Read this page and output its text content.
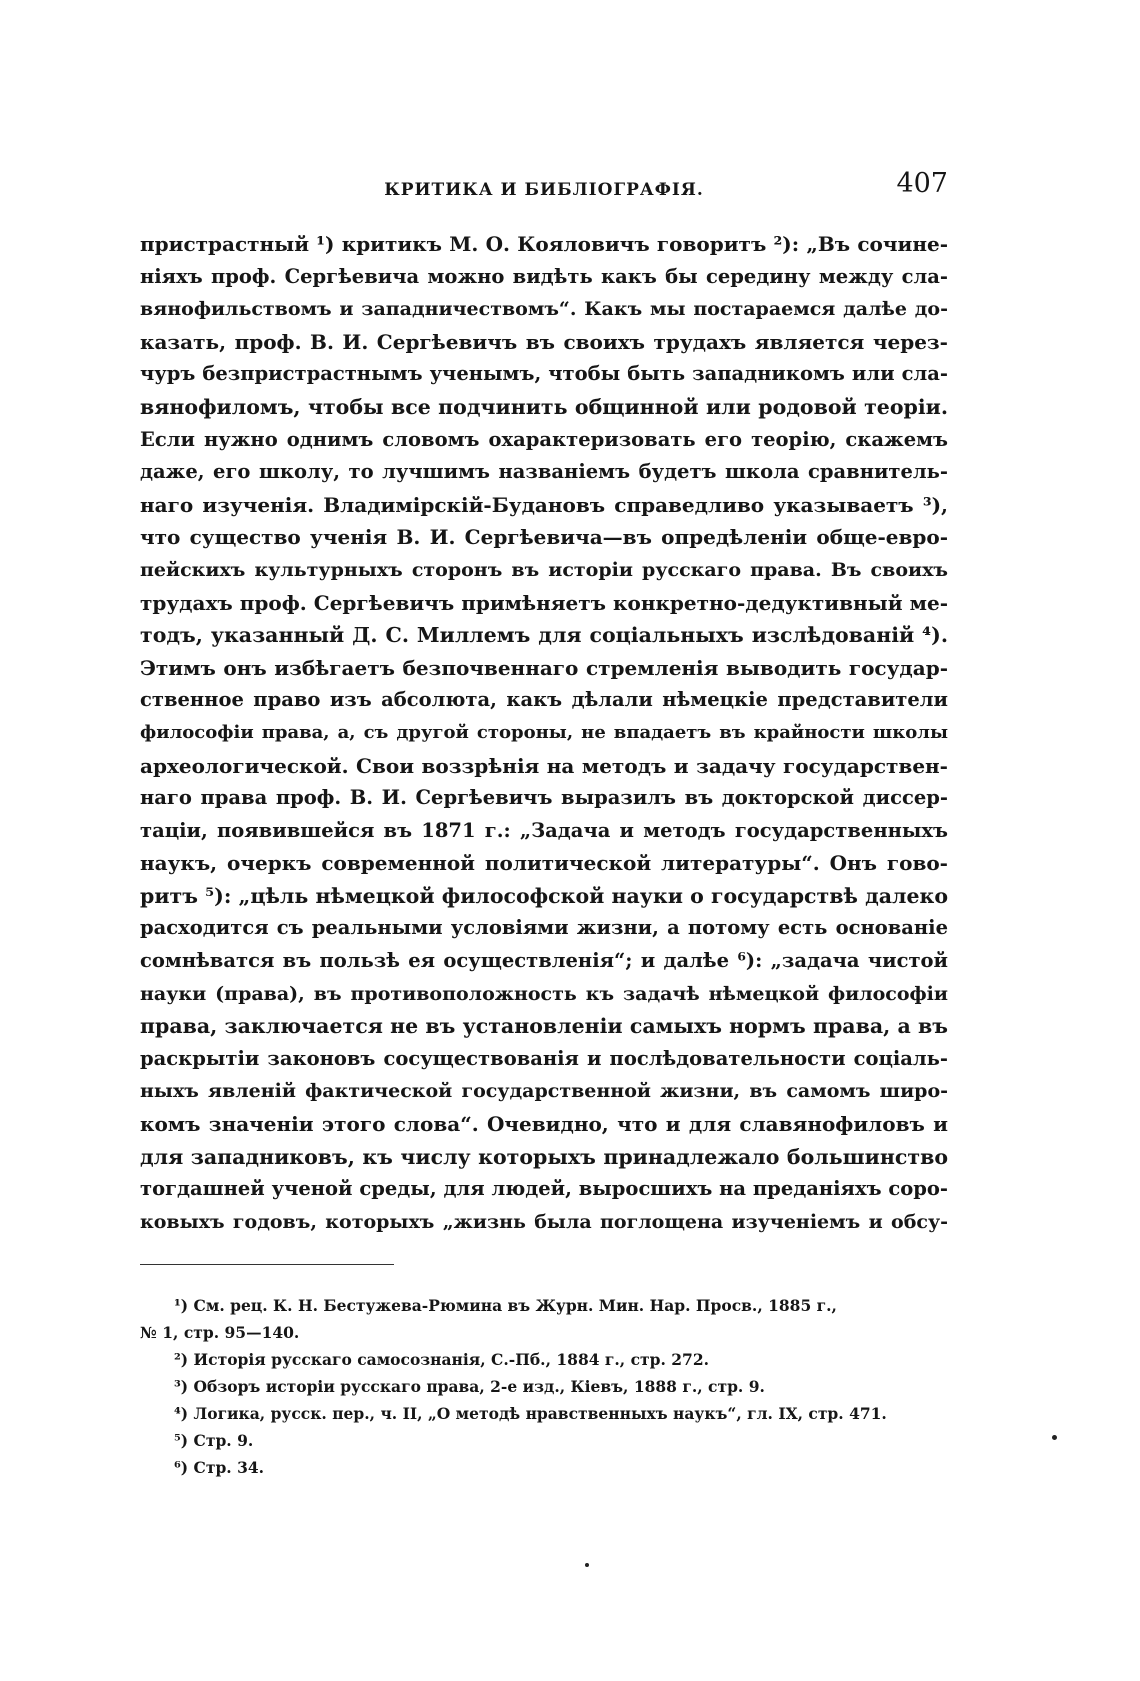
КРИТИКА И БИБЛІОГРАФІЯ.	407
пристрастный ¹) критикъ М. О. Кояловичъ говоритъ ²): „Въ сочине-
ніяхъ проф. Сергѣевича можно видѣть какъ бы середину между сла-
вянофильствомъ и западничествомъ“. Какъ мы постараемся далѣе до-
казать, проф. В. И. Сергѣевичъ въ своихъ трудахъ является через-
чуръ безпристрастнымъ ученымъ, чтобы быть западникомъ или сла-
вянофиломъ, чтобы все подчинить общинной или родовой теоріи.
Если нужно однимъ словомъ охарактеризовать его теорію, скажемъ
даже, его школу, то лучшимъ названіемъ будетъ школа сравнитель-
наго изученія. Владимірскій-Будановъ справедливо указываетъ ³),
что существо ученія В. И. Сергѣевича—въ опредѣленіи обще-евро-
пейскихъ культурныхъ сторонъ въ исторіи русскаго права. Въ своихъ
трудахъ проф. Сергѣевичъ примѣняетъ конкретно-дедуктивный ме-
тодъ, указанный Д. С. Миллемъ для соціальныхъ изслѣдованій ⁴).
Этимъ онъ избѣгаетъ безпочвеннаго стремленія выводить государ-
ственное право изъ абсолюта, какъ дѣлали нѣмецкіе представители
философіи права, а, съ другой стороны, не впадаетъ въ крайности школы
археологической. Свои воззрѣнія на методъ и задачу государствен-
наго права проф. В. И. Сергѣевичъ выразилъ въ докторской диссер-
таціи, появившейся въ 1871 г.: „Задача и методъ государственныхъ
наукъ, очеркъ современной политической литературы“. Онъ гово-
ритъ ⁵): „цѣль нѣмецкой философской науки о государствѣ далеко
расходится съ реальными условіями жизни, а потому есть основаніе
сомнѣватся въ пользѣ ея осуществленія“; и далѣе ⁶): „задача чистой
науки (права), въ противоположность къ задачѣ нѣмецкой философіи
права, заключается не въ установленіи самыхъ нормъ права, а въ
раскрытіи законовъ сосуществованія и послѣдовательности соціаль-
ныхъ явленій фактической государственной жизни, въ самомъ широ-
комъ значеніи этого слова“. Очевидно, что и для славянофиловъ и
для западниковъ, къ числу которыхъ принадлежало большинство
тогдашней ученой среды, для людей, выросшихъ на преданіяхъ соро-
ковыхъ годовъ, которыхъ „жизнь была поглощена изученіемъ и обсу-
¹) См. рец. К. Н. Бестужева-Рюмина въ Журн. Мин. Нар. Просв., 1885 г.,
№ 1, стр. 95—140.
²) Исторія русскаго самосознанія, С.-Пб., 1884 г., стр. 272.
³) Обзоръ исторіи русскаго права, 2-е изд., Кіевъ, 1888 г., стр. 9.
⁴) Логика, русск. пер., ч. II, „О методѣ нравственныхъ наукъ“, гл. IX, стр. 471.
⁵) Стр. 9.
⁶) Стр. 34.
